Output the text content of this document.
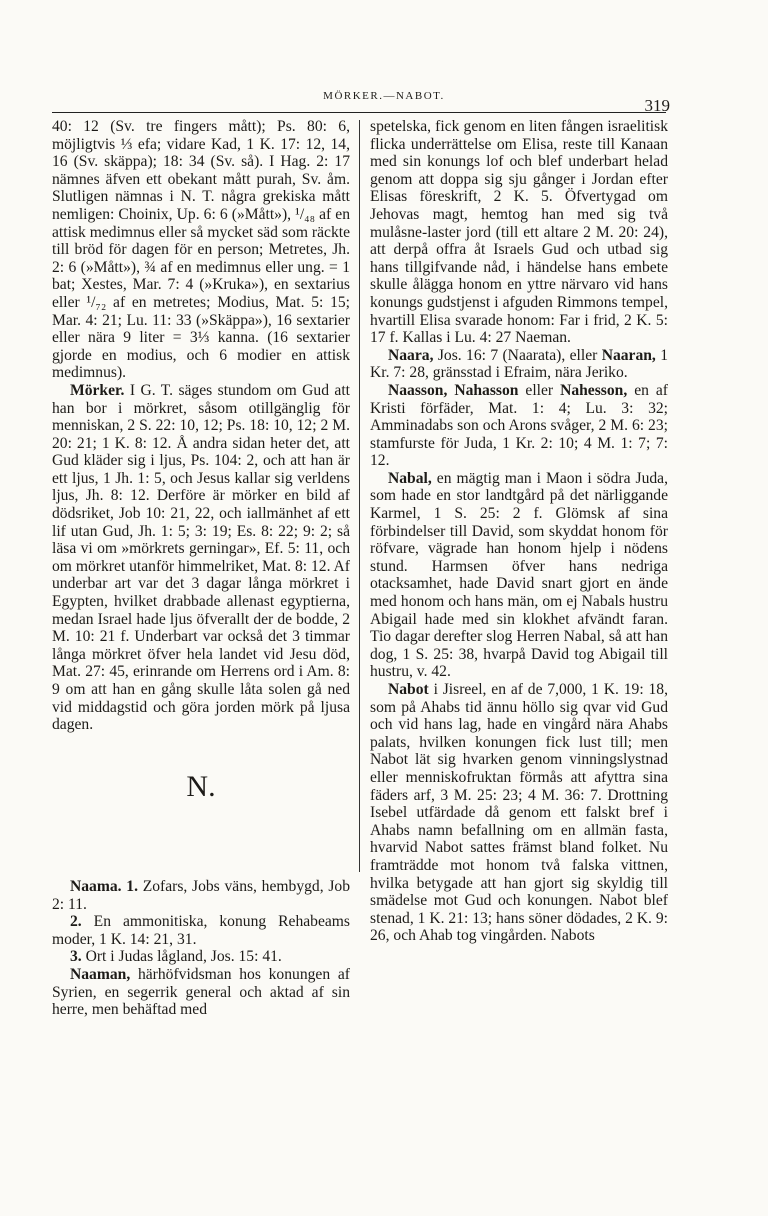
MÖRKER.—NABOT.	319

40: 12 (Sv. tre fingers mått); Ps. 80: 6, möjligtvis ⅓ efa; vidare Kad, 1 K. 17: 12, 14, 16 (Sv. skäppa); 18: 34 (Sv. så). I Hag. 2: 17 nämnes äfven ett obekant mått purah, Sv. åm. Slutligen nämnas i N. T. några grekiska mått nemligen: Choinix, Up. 6: 6 (»Mått»), ¹/₄₈ af en attisk medimnus eller så mycket säd som räckte till bröd för dagen för en person; Metretes, Jh. 2: 6 (»Mått»), ¾ af en medimnus eller ung. = 1 bat; Xestes, Mar. 7: 4 (»Kruka»), en sextarius eller ¹/₇₂ af en metretes; Modius, Mat. 5: 15; Mar. 4: 21; Lu. 11: 33 (»Skäppa»), 16 sextarier eller nära 9 liter = 3⅓ kanna. (16 sextarier gjorde en modius, och 6 modier en attisk medimnus).

Mörker. I G. T. säges stundom om Gud att han bor i mörkret, såsom otillgänglig för menniskan, 2 S. 22: 10, 12; Ps. 18: 10, 12; 2 M. 20: 21; 1 K. 8: 12. Å andra sidan heter det, att Gud kläder sig i ljus, Ps. 104: 2, och att han är ett ljus, 1 Jh. 1: 5, och Jesus kallar sig verldens ljus, Jh. 8: 12. Derföre är mörker en bild af dödsriket, Job 10: 21, 22, och iallmänhet af ett lif utan Gud, Jh. 1: 5; 3: 19; Es. 8: 22; 9: 2; så läsa vi om »mörkrets gerningar», Ef. 5: 11, och om mörkret utanför himmelriket, Mat. 8: 12. Af underbar art var det 3 dagar långa mörkret i Egypten, hvilket drabbade allenast egyptierna, medan Israel hade ljus öfverallt der de bodde, 2 M. 10: 21 f. Underbart var också det 3 timmar långa mörkret öfver hela landet vid Jesu död, Mat. 27: 45, erinrande om Herrens ord i Am. 8: 9 om att han en gång skulle låta solen gå ned vid middagstid och göra jorden mörk på ljusa dagen.

N.

Naama. 1. Zofars, Jobs väns, hembygd, Job 2: 11.

2. En ammonitiska, konung Rehabeams moder, 1 K. 14: 21, 31.

3. Ort i Judas lågland, Jos. 15: 41.

Naaman, härhöfvidsman hos konungen af Syrien, en segerrik general och aktad af sin herre, men behäftad med

spetelska, fick genom en liten fången israelitisk flicka underrättelse om Elisa, reste till Kanaan med sin konungs lof och blef underbart helad genom att doppa sig sju gånger i Jordan efter Elisas föreskrift, 2 K. 5. Öfvertygad om Jehovas magt, hemtog han med sig två mulåsne-laster jord (till ett altare 2 M. 20: 24), att derpå offra åt Israels Gud och utbad sig hans tillgifvande nåd, i händelse hans embete skulle ålägga honom en yttre närvaro vid hans konungs gudstjenst i afguden Rimmons tempel, hvartill Elisa svarade honom: Far i frid, 2 K. 5: 17 f. Kallas i Lu. 4: 27 Naeman.

Naara, Jos. 16: 7 (Naarata), eller Naaran, 1 Kr. 7: 28, gränsstad i Efraim, nära Jeriko.

Naasson, Nahasson eller Nahesson, en af Kristi förfäder, Mat. 1: 4; Lu. 3: 32; Amminadabs son och Arons svåger, 2 M. 6: 23; stamfurste för Juda, 1 Kr. 2: 10; 4 M. 1: 7; 7: 12.

Nabal, en mägtig man i Maon i södra Juda, som hade en stor landtgård på det närliggande Karmel, 1 S. 25: 2 f. Glömsk af sina förbindelser till David, som skyddat honom för röfvare, vägrade han honom hjelp i nödens stund. Harmsen öfver hans nedriga otacksamhet, hade David snart gjort en ände med honom och hans män, om ej Nabals hustru Abigail hade med sin klokhet afvändt faran. Tio dagar derefter slog Herren Nabal, så att han dog, 1 S. 25: 38, hvarpå David tog Abigail till hustru, v. 42.

Nabot i Jisreel, en af de 7,000, 1 K. 19: 18, som på Ahabs tid ännu höllo sig qvar vid Gud och vid hans lag, hade en vingård nära Ahabs palats, hvilken konungen fick lust till; men Nabot lät sig hvarken genom vinningslystnad eller menniskofruktan förmås att afyttra sina fäders arf, 3 M. 25: 23; 4 M. 36: 7. Drottning Isebel utfärdade då genom ett falskt bref i Ahabs namn befallning om en allmän fasta, hvarvid Nabot sattes främst bland folket. Nu framträdde mot honom två falska vittnen, hvilka betygade att han gjort sig skyldig till smädelse mot Gud och konungen. Nabot blef stenad, 1 K. 21: 13; hans söner dödades, 2 K. 9: 26, och Ahab tog vingården. Nabots
